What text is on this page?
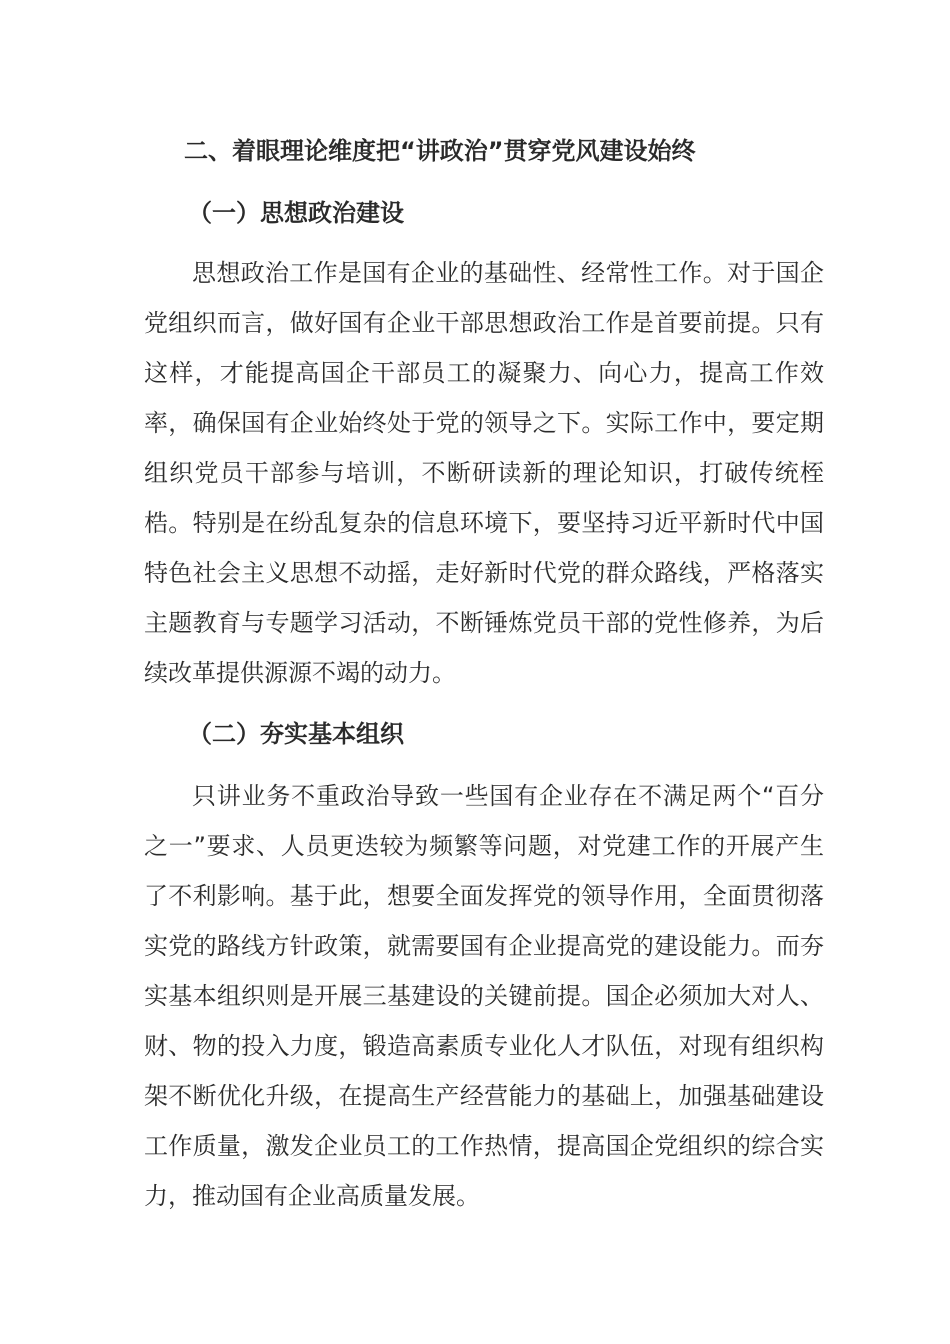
二、着眼理论维度把“讲政治”贯穿党风建设始终
（一）思想政治建设
思想政治工作是国有企业的基础性、经常性工作。对于国企党组织而言，做好国有企业干部思想政治工作是首要前提。只有这样，才能提高国企干部员工的凝聚力、向心力，提高工作效率，确保国有企业始终处于党的领导之下。实际工作中，要定期组织党员干部参与培训，不断研读新的理论知识，打破传统桎梏。特别是在纷乱复杂的信息环境下，要坚持习近平新时代中国特色社会主义思想不动摇，走好新时代党的群众路线，严格落实主题教育与专题学习活动，不断锤炼党员干部的党性修养，为后续改革提供源源不竭的动力。
（二）夯实基本组织
只讲业务不重政治导致一些国有企业存在不满足两个“百分之一”要求、人员更迭较为频繁等问题，对党建工作的开展产生了不利影响。基于此，想要全面发挥党的领导作用，全面贯彻落实党的路线方针政策，就需要国有企业提高党的建设能力。而夯实基本组织则是开展三基建设的关键前提。国企必须加大对人、财、物的投入力度，锻造高素质专业化人才队伍，对现有组织构架不断优化升级，在提高生产经营能力的基础上，加强基础建设工作质量，激发企业员工的工作热情，提高国企党组织的综合实力，推动国有企业高质量发展。
